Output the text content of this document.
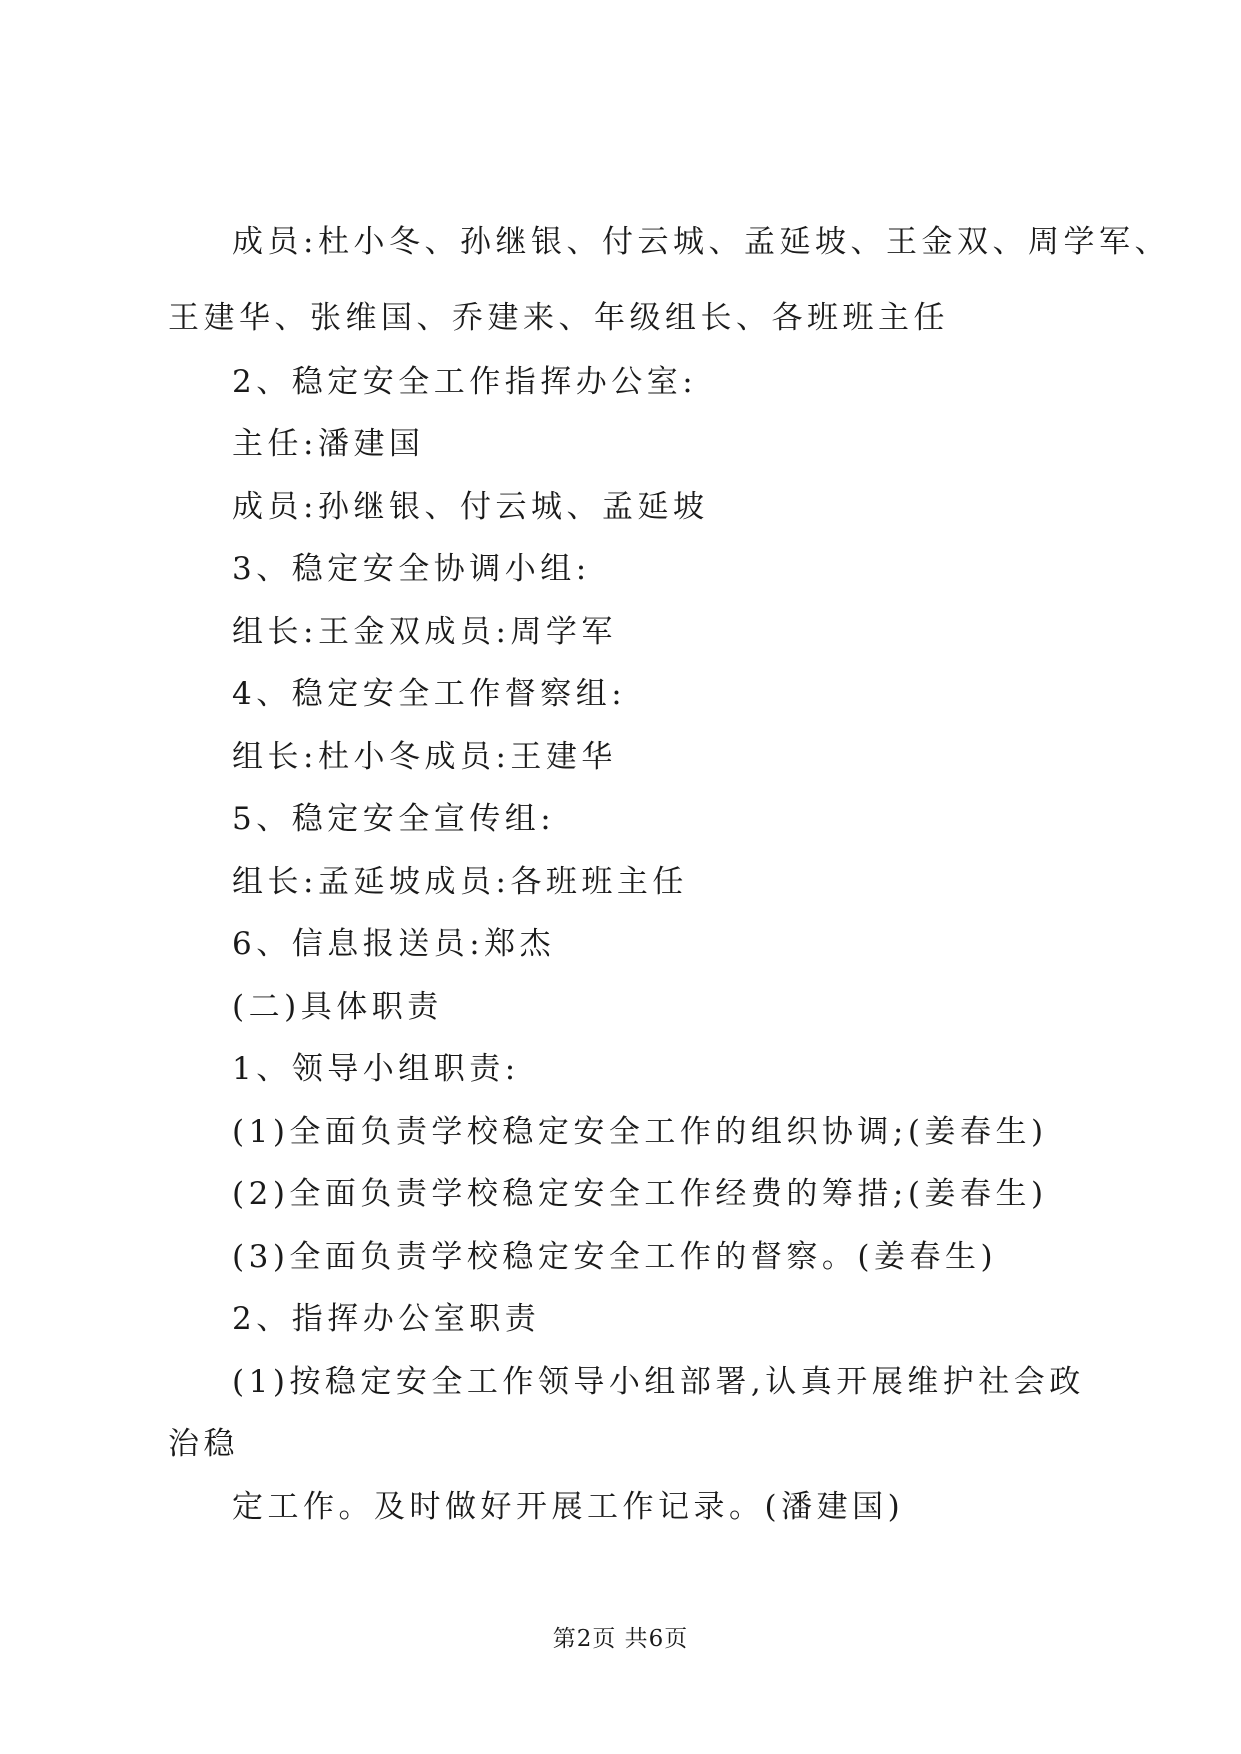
成员:杜小冬、孙继银、付云城、孟延坡、王金双、周学军、
王建华、张维国、乔建来、年级组长、各班班主任
2、稳定安全工作指挥办公室:
主任:潘建国
成员:孙继银、付云城、孟延坡
3、稳定安全协调小组:
组长:王金双成员:周学军
4、稳定安全工作督察组:
组长:杜小冬成员:王建华
5、稳定安全宣传组:
组长:孟延坡成员:各班班主任
6、信息报送员:郑杰
(二)具体职责
1、领导小组职责:
(1)全面负责学校稳定安全工作的组织协调;(姜春生)
(2)全面负责学校稳定安全工作经费的筹措;(姜春生)
(3)全面负责学校稳定安全工作的督察。(姜春生)
2、指挥办公室职责
(1)按稳定安全工作领导小组部署,认真开展维护社会政
治稳
定工作。及时做好开展工作记录。(潘建国)
第2页 共6页
